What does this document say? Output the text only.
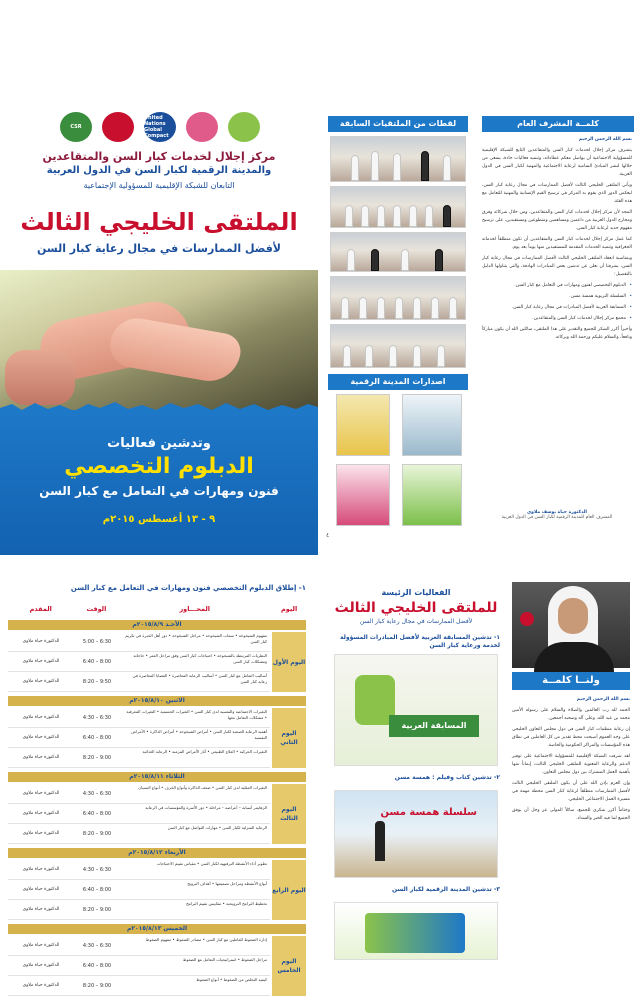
CSR
United Nations Global Compact
مركز إجلال لخدمات كبار السن والمتقاعدين
والمدينة الرقمية لكبار السن في الدول العربية
التابعان للشبكة الإقليمية للمسؤولية الإجتماعية
الملتقى الخليجي الثالث
لأفضل الممارسات في مجال رعاية كبار السن
وتدشين فعاليات
الدبلوم التخصصي
فنون ومهارات في التعامل مع كبار السن
٩ - ١٣ أغسطس ٢٠١٥م
كلمــة المشرف العام
لقطات من الملتقيات السابقة

بسم الله الرحمن الرحيم

يتشرف مركز إجلال لخدمات كبار السن والمتقاعدين التابع للشبكة الإقليمية للمسؤولية الاجتماعية أن يواصل معكم عطاءاته، وتنميه فعاليات جادة، يسعى من خلالها لنشر المبادئ السامية لرعاية الاجتماعية والمهنية لكبار السن في الدول العربية.

ويأتي الملتقى الخليجي الثالث لأفضل الممارسات في مجال رعاية كبار السن، ليعكس الدور الذي يقوم به المركز في ترسيخ القيم الإنسانية والمهنية للتعامل مع هذه الفئة.

المجد لأن مركز إجلال لخدمات كبار السن والمتقاعدين، ومن خلال شركائه وفرق ومخارج الدول العربية من داعمين ومساهمين ومتطوعين ومستفيدين، على ترسيخ مفهوم جديد لرعاية كبار السن.

كما عمل مركز إجلال لخدمات كبار السن والمتقاعدين أن تكون منطلقاً لخدماته الجغرافية وتنمية الخدمات المقدمة للمستفيدين منها يوماً بعد يوم.

وبمناسبة انعقاد الملتقى الخليجي الثالث لأفضل الممارسات في مجال رعاية كبار السن، يشرفنا أن نعلن عن تدشين بعض المبادرات الهادفة، والتي يتناولها الدليل بالتفصيل:

• الدبلوم التخصصي لفنون ومهارات في التعامل مع كبار السن.

• السلسلة التربوية همسة مسن.

• المسابقة العربية لأفضل المبادرات في مجال رعاية كبار السن.

• مجمع مركز إجلال لخدمات كبار السن والمتقاعدين.

وأخيراً أكرر الشكر للجميع والتقدير على هذا الملتقى، سائلين الله أن يكون مباركاً ونافعاً، والسلام عليكم ورحمة الله وبركاته.

اصدارات المدينة الرقمية
الدكتورة حياة يوسف ملاوي
المشرف العام للمدينة الرقمية لكبار السن في الدول العربية
٤
١- إطلاق الدبلوم التخصصي فنون ومهارات في التعامل مع كبار السن
اليوم
المحـــاور
الوقت
المقدم
الأحـد ٢٠١٥/٨/٩م
اليوم الأول
مفهوم الشيخوخة • سمات الشيخوخة • مراحل الشيخوخة • دور أهل الخبرة في تكريم كبار السن
5:00 – 6:30
الدكتورة حياة ملاوي
النظريات المرتبطة بالشيخوخة • احتياجات كبار السن وفق مراحل العمر • حاجاته ومشكلات كبار السن
6:40 – 8:00
الدكتورة حياة ملاوي
أساليب التعامل مع كبار السن • أساليب الرعاية المعاصرة • القضايا المعاصرة في رعاية كبار السن
8:20 – 9:50
الدكتورة حياة ملاوي
الاثنين ٢٠١٥/٨/١٠م
اليوم الثاني
التغيرات الاجتماعية والنفسية لدى كبار السن • التغيرات الجسمية • التغيرات المعرفية • مشكلات التعامل معها
4:30 – 6:30
الدكتورة حياة ملاوي
أهمية الرعاية الصحية لكبار السن • أمراض الشيخوخة • أمراض الذاكرة • الأمراض النفسية
6:40 – 8:00
الدكتورة حياة ملاوي
التغيرات الحركية • العلاج الطبيعي • آثار الأمراض المزمنة • الرعاية الغذائية
8:20 – 9:00
الدكتورة حياة ملاوي
الثلاثاء ٢٠١٥/٨/١١م
اليوم الثالث
التغيرات العقلية لدى كبار السن • ضعف الذاكرة وأنواع الخرف • أنواع النسيان
4:30 – 6:30
الدكتورة حياة ملاوي
الزهايمر أسبابه – أعراضه – مراحله • دور الأسرة والمؤسسات في الرعاية
6:40 – 8:00
الدكتورة حياة ملاوي
الرعاية المنزلية لكبار السن • مهارات التواصل مع كبار السن
8:20 – 9:00
الدكتورة حياة ملاوي
الأربعاء ٢٠١٥/٨/١٢م
اليوم الرابع
تطوير أداء الأنشطة الترفيهية لكبار السن • مقياس تقييم الاحتياجات
4:30 – 6:30
الدكتورة حياة ملاوي
أنواع الأنشطة ومراحل تصميمها • أهداف الترويح
6:40 – 8:00
الدكتورة حياة ملاوي
تخطيط البرامج الترويحية • مقاييس تقييم البرامج
8:20 – 9:00
الدكتورة حياة ملاوي
الخميس ٢٠١٥/٨/١٣م
اليوم الخامس
إدارة الضغوط للعاملين مع كبار السن • مصادر الضغوط • مفهوم الضغوط
4:30 – 6:30
الدكتورة حياة ملاوي
مراحل الضغوط • استراتيجيات التعامل مع الضغوط
6:40 – 8:00
الدكتورة حياة ملاوي
كيفية التخلص من الضغوط • أنواع الضغوط
8:20 – 9:00
الدكتورة حياة ملاوي
ولنــا كلمــة

بسم الله الرحمن الرحيم

الحمد لله رب العالمين والصلاة والسلام على رسوله الأمين محمد بن عبد الله، وعلى آله وصحبه أجمعين.

إن رعاية منظمات كبار السن في دول مجلس التعاون الخليجي على وجه العموم أصبحت محط تقدير من كل العاملين في نطاق هذه المؤسسات والمراكز الحكومية والخاصة.

لقد شرفت الشبكة الإقليمية للمسؤولية الاجتماعية على توفير الدعم والرعاية المعنوية للملتقى الخليجي الثالث، إيماناً منها بأهمية العمل المشترك بين دول مجلس التعاون.

وإن العزم بإذن الله على أن يكون الملتقى الخليجي الثالث لأفضل الممارسات منطلقاً لرعاية كبار السن محطة مهمة في مسيرة العمل الاجتماعي الخليجي.

وختاماً أكرر شكري للجميع، سائلاً المولى عز وجل أن يوفق الجميع لما فيه الخير والسداد.

الفعاليات الرئيسة
للملتقى الخليجي الثالث
لأفضل الممارسات في مجال رعاية كبار السن
١- تدشين المسابقة العربية لأفضل المبادرات المسؤولة لخدمة ورعاية كبار السن
المسابقة العربية
٢- تدشين كتاب وفيلم : همسة مسن
سلسلة همسة مسن
٣- تدشين المدينة الرقمية لكبار السن
